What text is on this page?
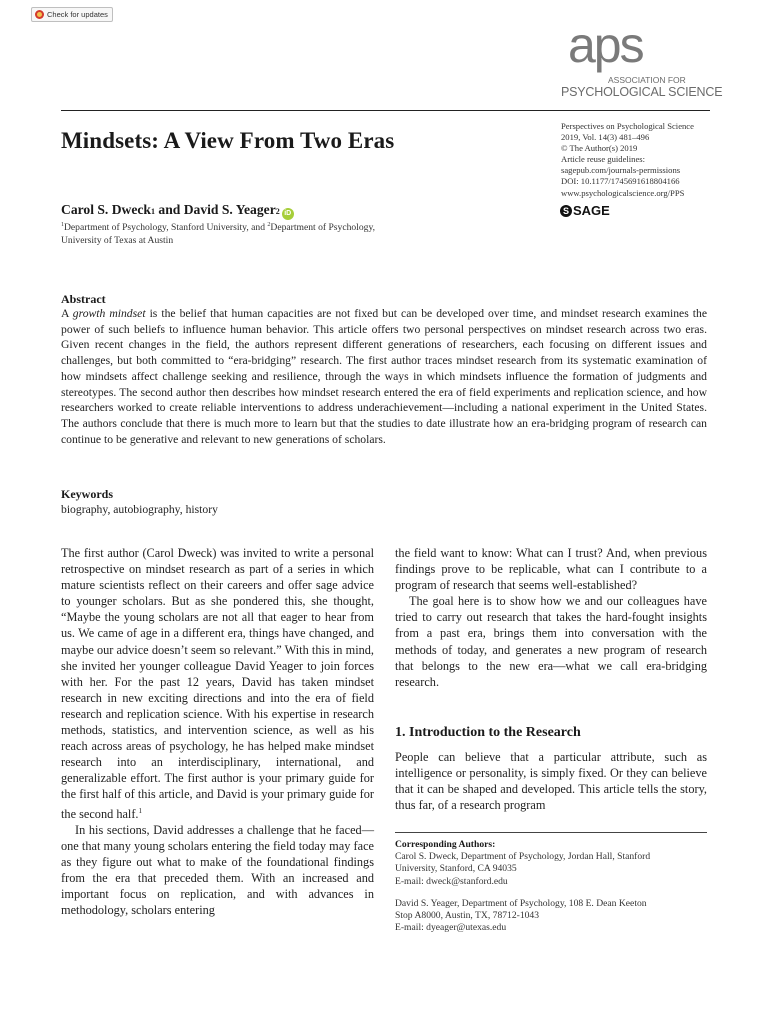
Check for updates
aps
ASSOCIATION FOR
PSYCHOLOGICAL SCIENCE
Mindsets: A View From Two Eras
Perspectives on Psychological Science
2019, Vol. 14(3) 481–496
© The Author(s) 2019
Article reuse guidelines:
sagepub.com/journals-permissions
DOI: 10.1177/1745691618804166
www.psychologicalscience.org/PPS
S SAGE
Carol S. Dweck 1 and David S. Yeager 2 iD
$^1$Department of Psychology, Stanford University, and $^2$Department of Psychology,
University of Texas at Austin
Abstract
A growth mindset is the belief that human capacities are not fixed but can be developed over time, and mindset research examines the power of such beliefs to influence human behavior. This article offers two personal perspectives on mindset research across two eras. Given recent changes in the field, the authors represent different generations of researchers, each focusing on different issues and challenges, but both committed to “era-bridging” research. The first author traces mindset research from its systematic examination of how mindsets affect challenge seeking and resilience, through the ways in which mindsets influence the formation of judgments and stereotypes. The second author then describes how mindset research entered the era of field experiments and replication science, and how researchers worked to create reliable interventions to address underachievement—including a national experiment in the United States. The authors conclude that there is much more to learn but that the studies to date illustrate how an era-bridging program of research can continue to be generative and relevant to new generations of scholars.
Keywords
biography, autobiography, history

The first author (Carol Dweck) was invited to write a personal retrospective on mindset research as part of a series in which mature scientists reflect on their careers and offer sage advice to younger scholars. But as she pondered this, she thought, “Maybe the young scholars are not all that eager to hear from us. We came of age in a different era, things have changed, and maybe our advice doesn’t seem so relevant.” With this in mind, she invited her younger colleague David Yeager to join forces with her. For the past 12 years, David has taken mindset research in new exciting directions and into the era of field research and replication science. With his expertise in research methods, statistics, and intervention science, as well as his reach across areas of psychology, he has helped make mindset research into an interdisciplinary, international, and generalizable effort. The first author is your primary guide for the first half of this article, and David is your primary guide for the second half.$^1$

In his sections, David addresses a challenge that he faced—one that many young scholars entering the field today may face as they figure out what to make of the foundational findings from the era that preceded them. With an increased and important focus on replication, and with advances in methodology, scholars entering

the field want to know: What can I trust? And, when previous findings prove to be replicable, what can I contribute to a program of research that seems well-established?

The goal here is to show how we and our colleagues have tried to carry out research that takes the hard-fought insights from a past era, brings them into conversation with the methods of today, and generates a new program of research that belongs to the new era—what we call era-bridging research.

1. Introduction to the Research

People can believe that a particular attribute, such as intelligence or personality, is simply fixed. Or they can believe that it can be shaped and developed. This article tells the story, thus far, of a research program

Corresponding Authors:
Carol S. Dweck, Department of Psychology, Jordan Hall, Stanford
University, Stanford, CA 94035
E-mail: dweck@stanford.edu
David S. Yeager, Department of Psychology, 108 E. Dean Keeton
Stop A8000, Austin, TX, 78712-1043
E-mail: dyeager@utexas.edu
